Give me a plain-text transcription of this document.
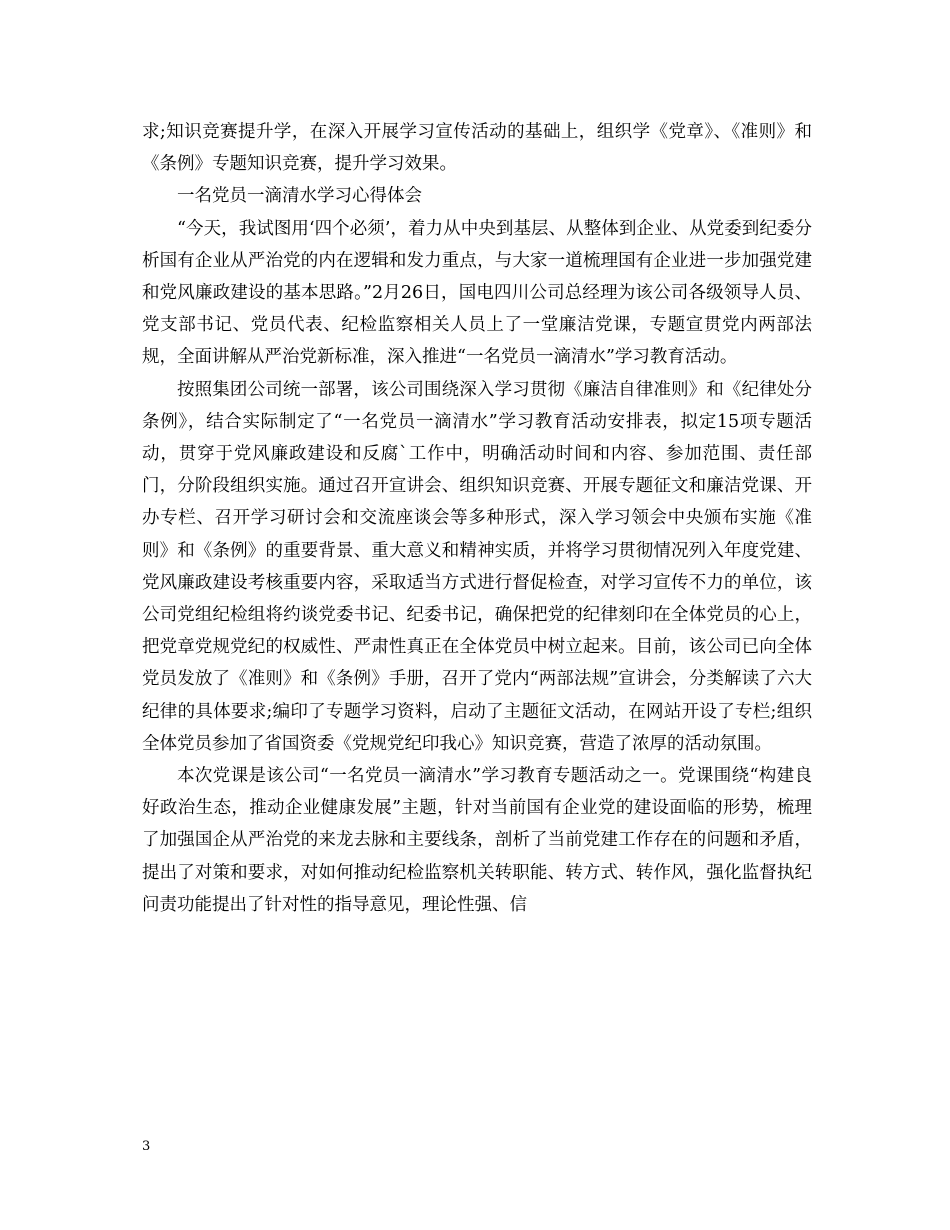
求;知识竞赛提升学，在深入开展学习宣传活动的基础上，组织学《党章》、《准则》和《条例》专题知识竞赛，提升学习效果。

一名党员一滴清水学习心得体会

“今天，我试图用‘四个必须’，着力从中央到基层、从整体到企业、从党委到纪委分析国有企业从严治党的内在逻辑和发力重点，与大家一道梳理国有企业进一步加强党建和党风廉政建设的基本思路。”2月26日，国电四川公司总经理为该公司各级领导人员、党支部书记、党员代表、纪检监察相关人员上了一堂廉洁党课，专题宣贯党内两部法规，全面讲解从严治党新标准，深入推进“一名党员一滴清水”学习教育活动。

按照集团公司统一部署，该公司围绕深入学习贯彻《廉洁自律准则》和《纪律处分条例》，结合实际制定了“一名党员一滴清水”学习教育活动安排表，拟定15项专题活动，贯穿于党风廉政建设和反腐`工作中，明确活动时间和内容、参加范围、责任部门，分阶段组织实施。通过召开宣讲会、组织知识竞赛、开展专题征文和廉洁党课、开办专栏、召开学习研讨会和交流座谈会等多种形式，深入学习领会中央颁布实施《准则》和《条例》的重要背景、重大意义和精神实质，并将学习贯彻情况列入年度党建、党风廉政建设考核重要内容，采取适当方式进行督促检查，对学习宣传不力的单位，该公司党组纪检组将约谈党委书记、纪委书记，确保把党的纪律刻印在全体党员的心上，把党章党规党纪的权威性、严肃性真正在全体党员中树立起来。目前，该公司已向全体党员发放了《准则》和《条例》手册，召开了党内“两部法规”宣讲会，分类解读了六大纪律的具体要求;编印了专题学习资料，启动了主题征文活动，在网站开设了专栏;组织全体党员参加了省国资委《党规党纪印我心》知识竞赛，营造了浓厚的活动氛围。

本次党课是该公司“一名党员一滴清水”学习教育专题活动之一。党课围绕“构建良好政治生态，推动企业健康发展”主题，针对当前国有企业党的建设面临的形势，梳理了加强国企从严治党的来龙去脉和主要线条，剖析了当前党建工作存在的问题和矛盾，提出了对策和要求，对如何推动纪检监察机关转职能、转方式、转作风，强化监督执纪问责功能提出了针对性的指导意见，理论性强、信

3
